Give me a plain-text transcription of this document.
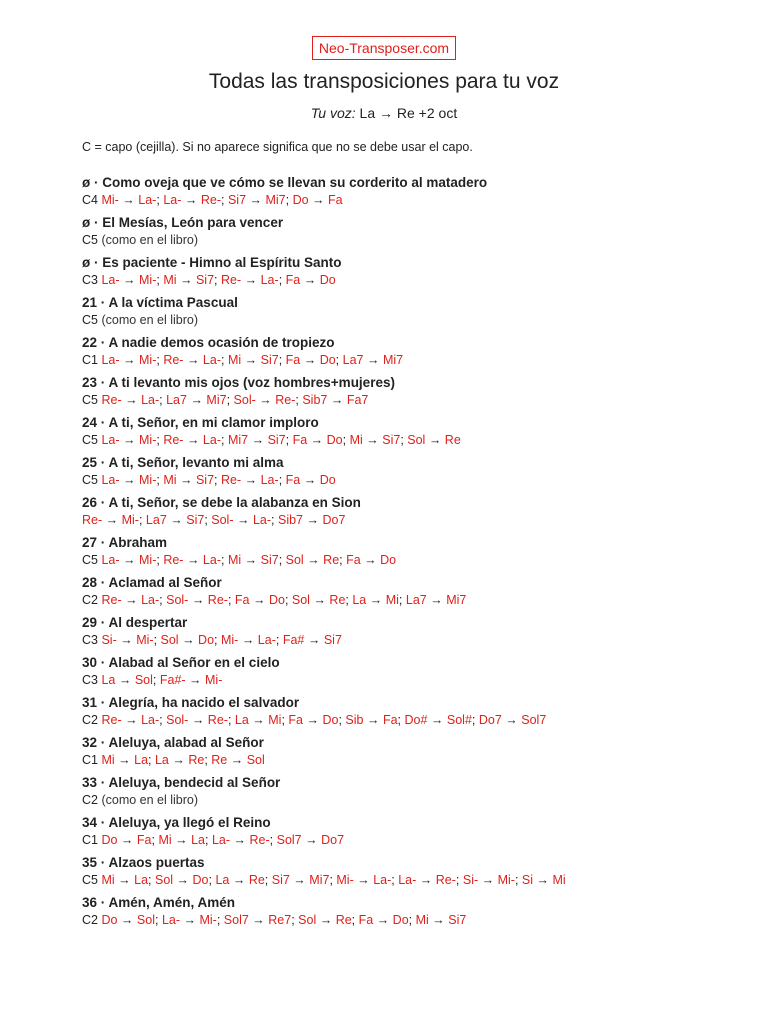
Neo-Transposer.com
Todas las transposiciones para tu voz
Tu voz: La → Re +2 oct
C = capo (cejilla). Si no aparece significa que no se debe usar el capo.
ø · Como oveja que ve cómo se llevan su corderito al matadero
C4 Mi- → La-; La- → Re-; Si7 → Mi7; Do → Fa
ø · El Mesías, León para vencer
C5 (como en el libro)
ø · Es paciente - Himno al Espíritu Santo
C3 La- → Mi-; Mi → Si7; Re- → La-; Fa → Do
21 · A la víctima Pascual
C5 (como en el libro)
22 · A nadie demos ocasión de tropiezo
C1 La- → Mi-; Re- → La-; Mi → Si7; Fa → Do; La7 → Mi7
23 · A ti levanto mis ojos (voz hombres+mujeres)
C5 Re- → La-; La7 → Mi7; Sol- → Re-; Sib7 → Fa7
24 · A ti, Señor, en mi clamor imploro
C5 La- → Mi-; Re- → La-; Mi7 → Si7; Fa → Do; Mi → Si7; Sol → Re
25 · A ti, Señor, levanto mi alma
C5 La- → Mi-; Mi → Si7; Re- → La-; Fa → Do
26 · A ti, Señor, se debe la alabanza en Sion
Re- → Mi-; La7 → Si7; Sol- → La-; Sib7 → Do7
27 · Abraham
C5 La- → Mi-; Re- → La-; Mi → Si7; Sol → Re; Fa → Do
28 · Aclamad al Señor
C2 Re- → La-; Sol- → Re-; Fa → Do; Sol → Re; La → Mi; La7 → Mi7
29 · Al despertar
C3 Si- → Mi-; Sol → Do; Mi- → La-; Fa# → Si7
30 · Alabad al Señor en el cielo
C3 La → Sol; Fa#- → Mi-
31 · Alegría, ha nacido el salvador
C2 Re- → La-; Sol- → Re-; La → Mi; Fa → Do; Sib → Fa; Do# → Sol#; Do7 → Sol7
32 · Aleluya, alabad al Señor
C1 Mi → La; La → Re; Re → Sol
33 · Aleluya, bendecid al Señor
C2 (como en el libro)
34 · Aleluya, ya llegó el Reino
C1 Do → Fa; Mi → La; La- → Re-; Sol7 → Do7
35 · Alzaos puertas
C5 Mi → La; Sol → Do; La → Re; Si7 → Mi7; Mi- → La-; La- → Re-; Si- → Mi-; Si → Mi
36 · Amén, Amén, Amén
C2 Do → Sol; La- → Mi-; Sol7 → Re7; Sol → Re; Fa → Do; Mi → Si7
